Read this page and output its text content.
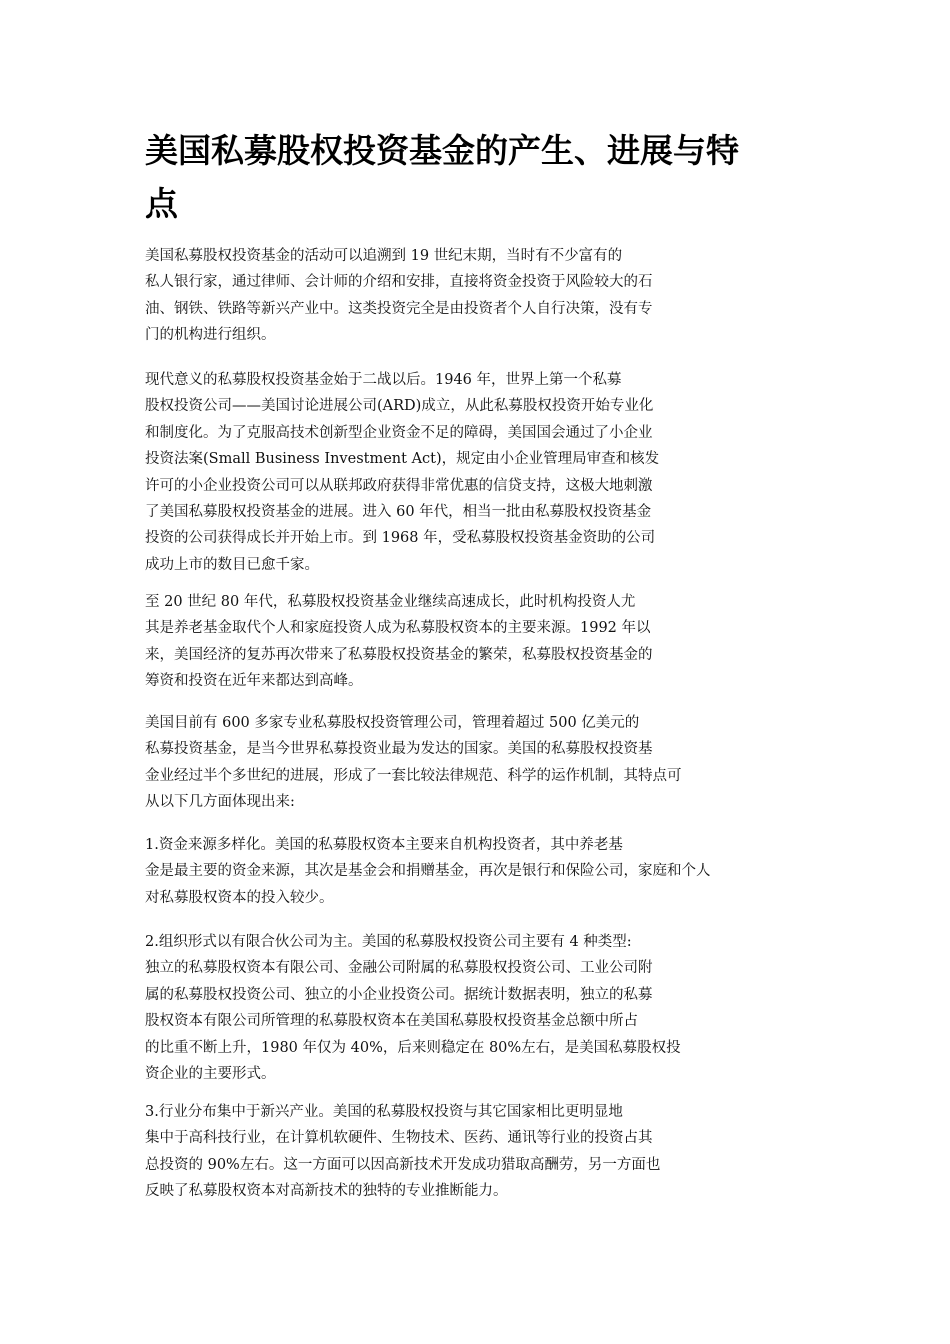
美国私募股权投资基金的产生、进展与特
点
美国私募股权投资基金的活动可以追溯到 19 世纪末期，当时有不少富有的
私人银行家，通过律师、会计师的介绍和安排，直接将资金投资于风险较大的石
油、钢铁、铁路等新兴产业中。这类投资完全是由投资者个人自行决策，没有专
门的机构进行组织。
现代意义的私募股权投资基金始于二战以后。1946 年，世界上第一个私募
股权投资公司——美国讨论进展公司(ARD)成立，从此私募股权投资开始专业化
和制度化。为了克服高技术创新型企业资金不足的障碍，美国国会通过了小企业
投资法案(Small Business Investment Act)，规定由小企业管理局审查和核发
许可的小企业投资公司可以从联邦政府获得非常优惠的信贷支持，这极大地刺激
了美国私募股权投资基金的进展。进入 60 年代，相当一批由私募股权投资基金
投资的公司获得成长并开始上市。到 1968 年，受私募股权投资基金资助的公司
成功上市的数目已愈千家。
至 20 世纪 80 年代，私募股权投资基金业继续高速成长，此时机构投资人尤
其是养老基金取代个人和家庭投资人成为私募股权资本的主要来源。1992 年以
来，美国经济的复苏再次带来了私募股权投资基金的繁荣，私募股权投资基金的
筹资和投资在近年来都达到高峰。
美国目前有 600 多家专业私募股权投资管理公司，管理着超过 500 亿美元的
私募投资基金，是当今世界私募投资业最为发达的国家。美国的私募股权投资基
金业经过半个多世纪的进展，形成了一套比较法律规范、科学的运作机制，其特点可
从以下几方面体现出来:
1.资金来源多样化。美国的私募股权资本主要来自机构投资者，其中养老基
金是最主要的资金来源，其次是基金会和捐赠基金，再次是银行和保险公司，家庭和个人
对私募股权资本的投入较少。
2.组织形式以有限合伙公司为主。美国的私募股权投资公司主要有 4 种类型:
独立的私募股权资本有限公司、金融公司附属的私募股权投资公司、工业公司附
属的私募股权投资公司、独立的小企业投资公司。据统计数据表明，独立的私募
股权资本有限公司所管理的私募股权资本在美国私募股权投资基金总额中所占
的比重不断上升，1980 年仅为 40%，后来则稳定在 80%左右，是美国私募股权投
资企业的主要形式。
3.行业分布集中于新兴产业。美国的私募股权投资与其它国家相比更明显地
集中于高科技行业，在计算机软硬件、生物技术、医药、通讯等行业的投资占其
总投资的 90%左右。这一方面可以因高新技术开发成功猎取高酬劳，另一方面也
反映了私募股权资本对高新技术的独特的专业推断能力。
